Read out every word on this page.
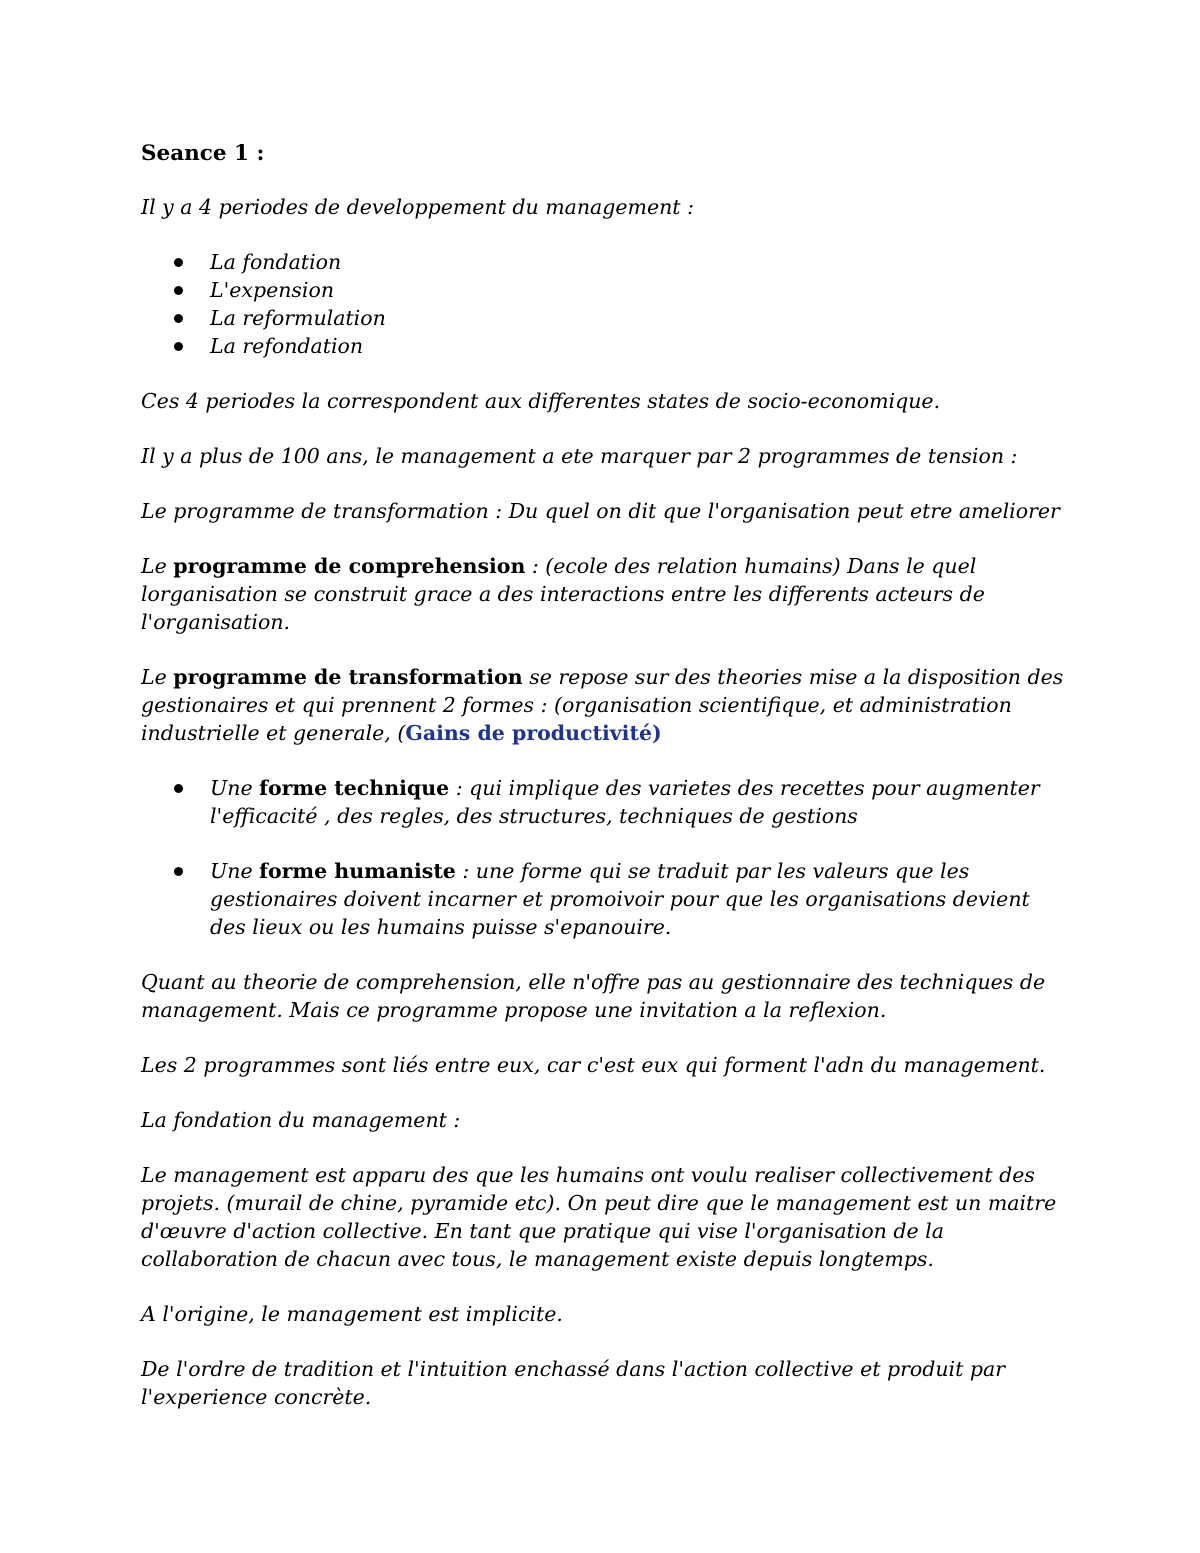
Seance 1 :

Il y a 4 periodes de developpement du management :

La fondation
L'expension
La reformulation
La refondation

Ces 4 periodes la correspondent aux differentes states de socio-economique.

Il y a plus de 100 ans, le management a ete marquer par 2 programmes de tension :

Le programme de transformation : Du quel on dit que l'organisation peut etre ameliorer

Le programme de comprehension : (ecole des relation humains) Dans le quel lorganisation se construit grace a des interactions entre les differents acteurs de l'organisation.

Le programme de transformation se repose sur des theories mise a la disposition des gestionaires et qui prennent 2 formes : (organisation scientifique, et administration industrielle et generale, (Gains de productivité)

Une forme technique : qui implique des varietes des recettes pour augmenter l'efficacité , des regles, des structures, techniques de gestions
Une forme humaniste : une forme qui se traduit par les valeurs que les gestionaires doivent incarner et promoivoir pour que les organisations devient des lieux ou les humains puisse s'epanouire.

Quant au theorie de comprehension, elle n'offre pas au gestionnaire des techniques de management. Mais ce programme propose une invitation a la reflexion.

Les 2 programmes sont liés entre eux, car c'est eux qui forment l'adn du management.

La fondation du management :

Le management est apparu des que les humains ont voulu realiser collectivement des projets. (murail de chine, pyramide etc). On peut dire que le management est un maitre d'œuvre d'action collective. En tant que pratique qui vise l'organisation de la collaboration de chacun avec tous, le management existe depuis longtemps.

A l'origine, le management est implicite.

De l'ordre de tradition et l'intuition enchassé dans l'action collective et produit par l'experience concrète.
